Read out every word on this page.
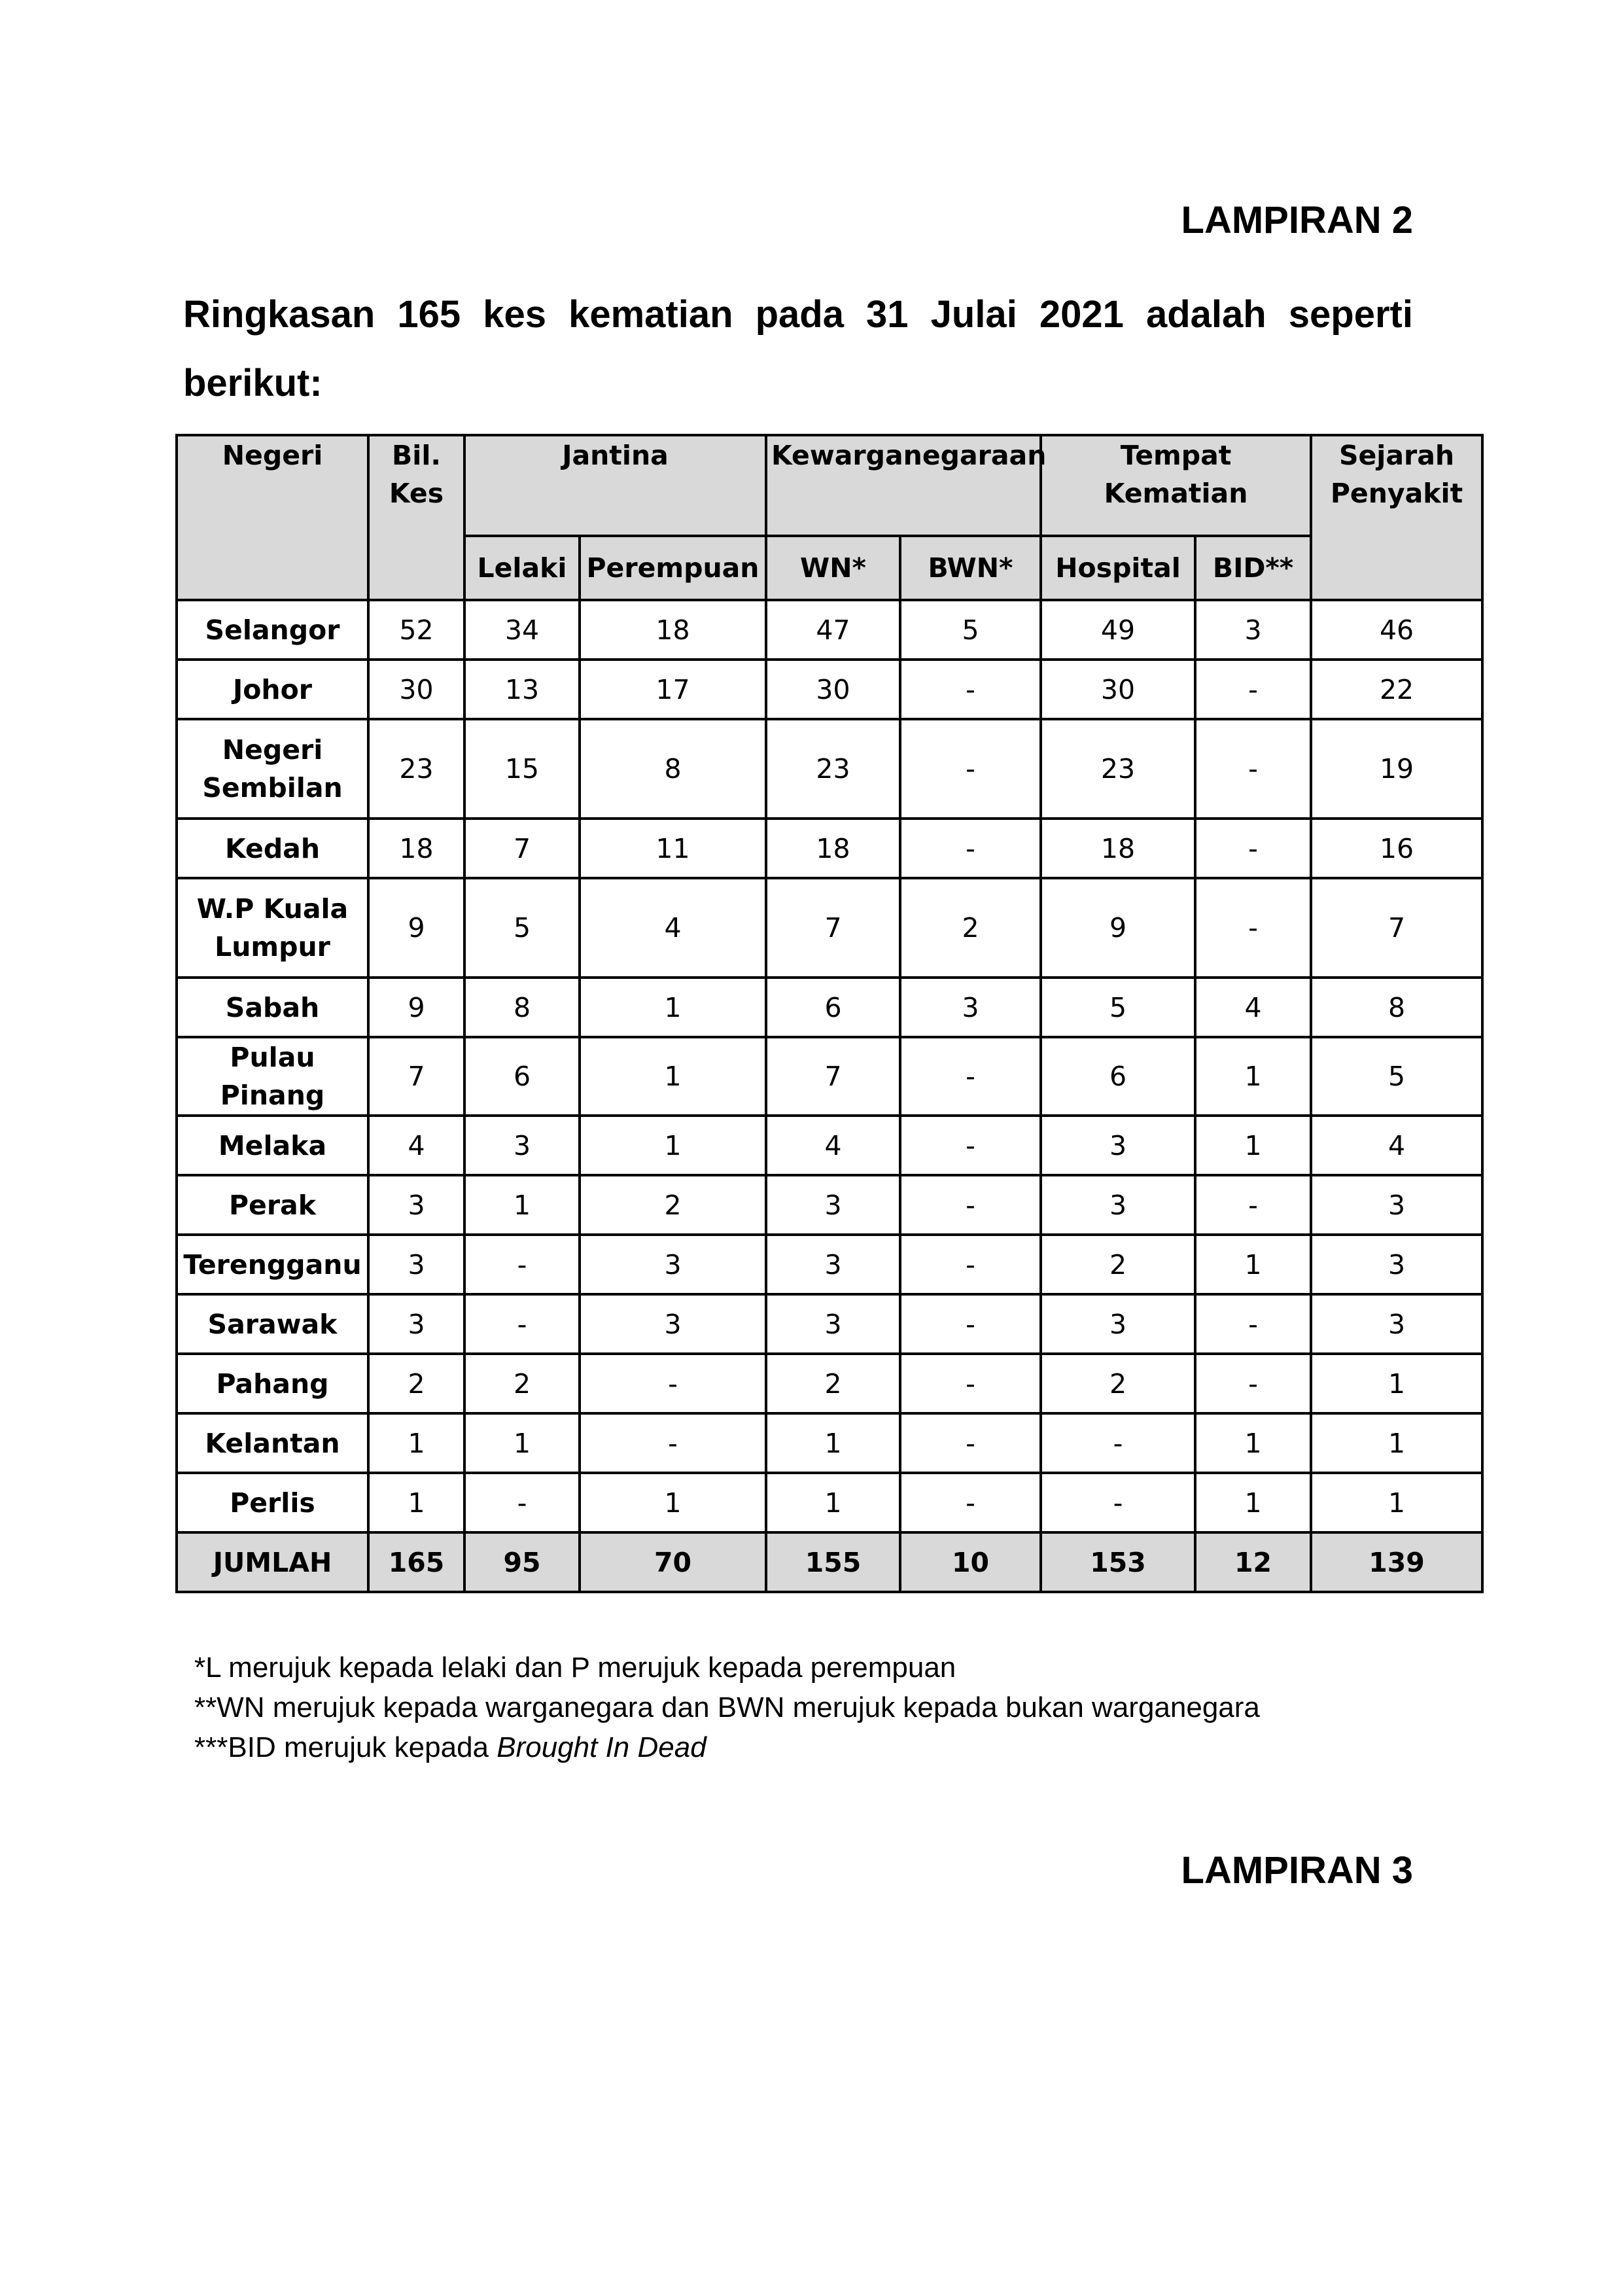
LAMPIRAN 2
Ringkasan 165 kes kematian pada 31 Julai 2021 adalah seperti berikut:
Negeri	Bil. Kes	Jantina		Kewarganegaraan		Tempat Kematian		Sejarah Penyakit
		Lelaki	Perempuan	WN*	BWN*	Hospital	BID**	
Selangor	52	34	18	47	5	49	3	46
Johor	30	13	17	30	-	30	-	22
Negeri Sembilan	23	15	8	23	-	23	-	19
Kedah	18	7	11	18	-	18	-	16
W.P Kuala Lumpur	9	5	4	7	2	9	-	7
Sabah	9	8	1	6	3	5	4	8
Pulau Pinang	7	6	1	7	-	6	1	5
Melaka	4	3	1	4	-	3	1	4
Perak	3	1	2	3	-	3	-	3
Terengganu	3	-	3	3	-	2	1	3
Sarawak	3	-	3	3	-	3	-	3
Pahang	2	2	-	2	-	2	-	1
Kelantan	1	1	-	1	-	-	1	1
Perlis	1	-	1	1	-	-	1	1
JUMLAH	165	95	70	155	10	153	12	139
*L merujuk kepada lelaki dan P merujuk kepada perempuan
**WN merujuk kepada warganegara dan BWN merujuk kepada bukan warganegara
***BID merujuk kepada Brought In Dead
LAMPIRAN 3
